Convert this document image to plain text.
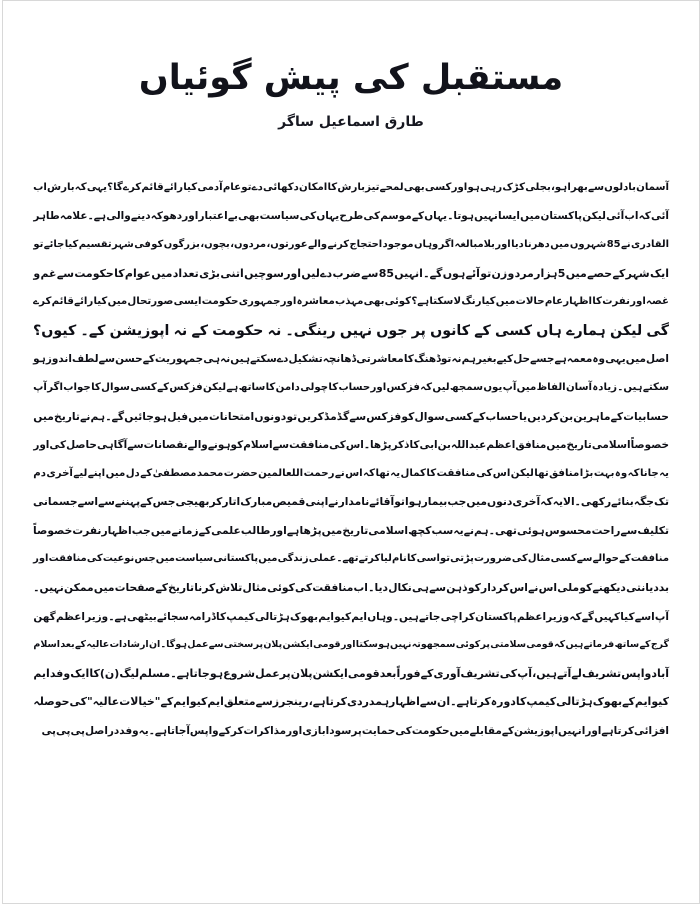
مستقبل کی پیش گوئیاں
طارق اسماعیل ساگر
آسمان
بادلوں
سے
بھرا
ہو،
بجلی
کڑک
رہی
ہو
اور
کسی
بھی
لمحے
تیز
بارش
کا
امکان
دکھائی
دے
تو
عام
آدمی
کیا
رائے
قائم
کرے
گا؟
یہی
کہ
بارش
اب
آئی
کہ
اب
آئی
لیکن
پاکستان
میں
ایسا
نہیں
ہوتا۔
یہاں
کے
موسم
کی
طرح
یہاں
کی
سیاست
بھی
بے
اعتبار
اور
دھوکہ
دینے
والی
ہے۔
علامہ
طاہر
القادری
نے
85
شہروں
میں
دھرنا
دیا
اور
بلامبالغہ
اگر
وہاں
موجود
احتجاج
کرنے
والے
عورتوں،
مردوں،
بچوں،
بزرگوں
کو
فی
شہر
تقسیم
کیا
جائے
تو
ایک
شہر
کے
حصے
میں
5
ہزار
مرد
و
زن
تو
آئے
ہوں
گے۔
انہیں
85
سے
ضرب
دے
لیں
اور
سوچیں
اتنی
بڑی
تعداد
میں
عوام
کا
حکومت
سے
غم
و
غصہ
اور
نفرت
کا
اظہار
عام
حالات
میں
کیا
رنگ
لا
سکتا
ہے؟
کوئی
بھی
مہذب
معاشرہ
اور
جمہوری
حکومت
ایسی
صورتحال
میں
کیا
رائے
قائم
کرے
گی
لیکن
ہمارے
ہاں
کسی
کے
کانوں
پر
جوں
نہیں
رینگی۔
نہ
حکومت
کے
نہ
اپوزیشن
کے۔
کیوں؟
اصل
میں
یہی
وہ
معمہ
ہے
جسے
حل
کیے
بغیر
ہم
نہ
تو
ڈھنگ
کا
معاشرتی
ڈھانچہ
تشکیل
دے
سکتے
ہیں
نہ
ہی
جمہوریت
کے
حسن
سے
لطف
اندوز
ہو
سکتے
ہیں۔
زیادہ
آسان
الفاظ
میں
آپ
یوں
سمجھ
لیں
کہ
فزکس
اور
حساب
کا
چولی
دامن
کا
ساتھ
ہے
لیکن
فزکس
کے
کسی
سوال
کا
جواب
اگر
آپ
حسابیات
کے
ماہرین
بن
کر
دیں
یا
حساب
کے
کسی
سوال
کو
فزکس
سے
گڈمڈ
کریں
تو
دونوں
امتحانات
میں
فیل
ہو
جائیں
گے۔
ہم
نے
تاریخ
میں
خصوصاً
اسلامی
تاریخ
میں
منافق
اعظم
عبداللہ
بن
ابی
کا
ذکر
پڑھا۔
اس
کی
منافقت
سے
اسلام
کو
ہونے
والے
نقصانات
سے
آگاہی
حاصل
کی
اور
یہ
جانا
کہ
وہ
بہت
بڑا
منافق
تھا
لیکن
اس
کی
منافقت
کا
کمال
یہ
تھا
کہ
اس
نے
رحمت
اللعالمین
حضرت
محمد
مصطفیٰ
کے
دل
میں
اپنے
لیے
آخری
دم
تک
جگہ
بنائے
رکھی۔
الا
یہ
کہ
آخری
دنوں
میں
جب
بیمار
ہوا
تو
آقائے
نامدار
نے
اپنی
قمیص
مبارک
اتار
کر
بھیجی
جس
کے
پہننے
سے
اسے
جسمانی
تکلیف
سے
راحت
محسوس
ہوئی
تھی۔
ہم
نے
یہ
سب
کچھ
اسلامی
تاریخ
میں
پڑھا
ہے
اور
طالب
علمی
کے
زمانے
میں
جب
اظہار
نفرت
خصوصاً
منافقت
کے
حوالے
سے
کسی
مثال
کی
ضرورت
پڑتی
تو
اسی
کا
نام
لیا
کرتے
تھے۔
عملی
زندگی
میں
پاکستانی
سیاست
میں
جس
نوعیت
کی
منافقت
اور
بددیانتی
دیکھنے
کو
ملی
اس
نے
اس
کردار
کو
ذہن
سے
ہی
نکال
دیا۔
اب
منافقت
کی
کوئی
مثال
تلاش
کرنا
تاریخ
کے
صفحات
میں
ممکن
نہیں۔
آپ
اسے
کیا
کہیں
گے
کہ
وزیر
اعظم
پاکستان
کراچی
جاتے
ہیں۔
وہاں
ایم
کیو
ایم
بھوک
ہڑتالی
کیمپ
کا
ڈرامہ
سجائے
بیٹھی
ہے۔
وزیر
اعظم
گھن
گرج
کے
ساتھ
فرماتے
ہیں
کہ
قومی
سلامتی
پر
کوئی
سمجھوتہ
نہیں
ہو
سکتا
اور
قومی
ایکشن
پلان
پر
سختی
سے
عمل
ہو
گا۔
ان
ارشادات
عالیہ
کے
بعد
اسلام
آباد
واپس
تشریف
لے
آتے
ہیں،
آپ
کی
تشریف
آوری
کے
فوراً
بعد
قومی
ایکشن
پلان
پر
عمل
شروع
ہو
جاتا
ہے۔
مسلم
لیگ
(ن)
کا
ایک
وفد
ایم
کیو
ایم
کے
بھوک
ہڑتالی
کیمپ
کا
دورہ
کرتا
ہے۔
ان
سے
اظہار
ہمدردی
کرتا
ہے،
رینجرز
سے
متعلق
ایم
کیو
ایم
کے
"خیالات
عالیہ"
کی
حوصلہ
افزائی
کرتا
ہے
اور
انہیں
اپوزیشن
کے
مقابلے
میں
حکومت
کی
حمایت
پر
سودا
بازی
اور
مذاکرات
کر
کے
واپس
آ
جاتا
ہے۔
یہ
وفد
دراصل
پی
پی
پی
